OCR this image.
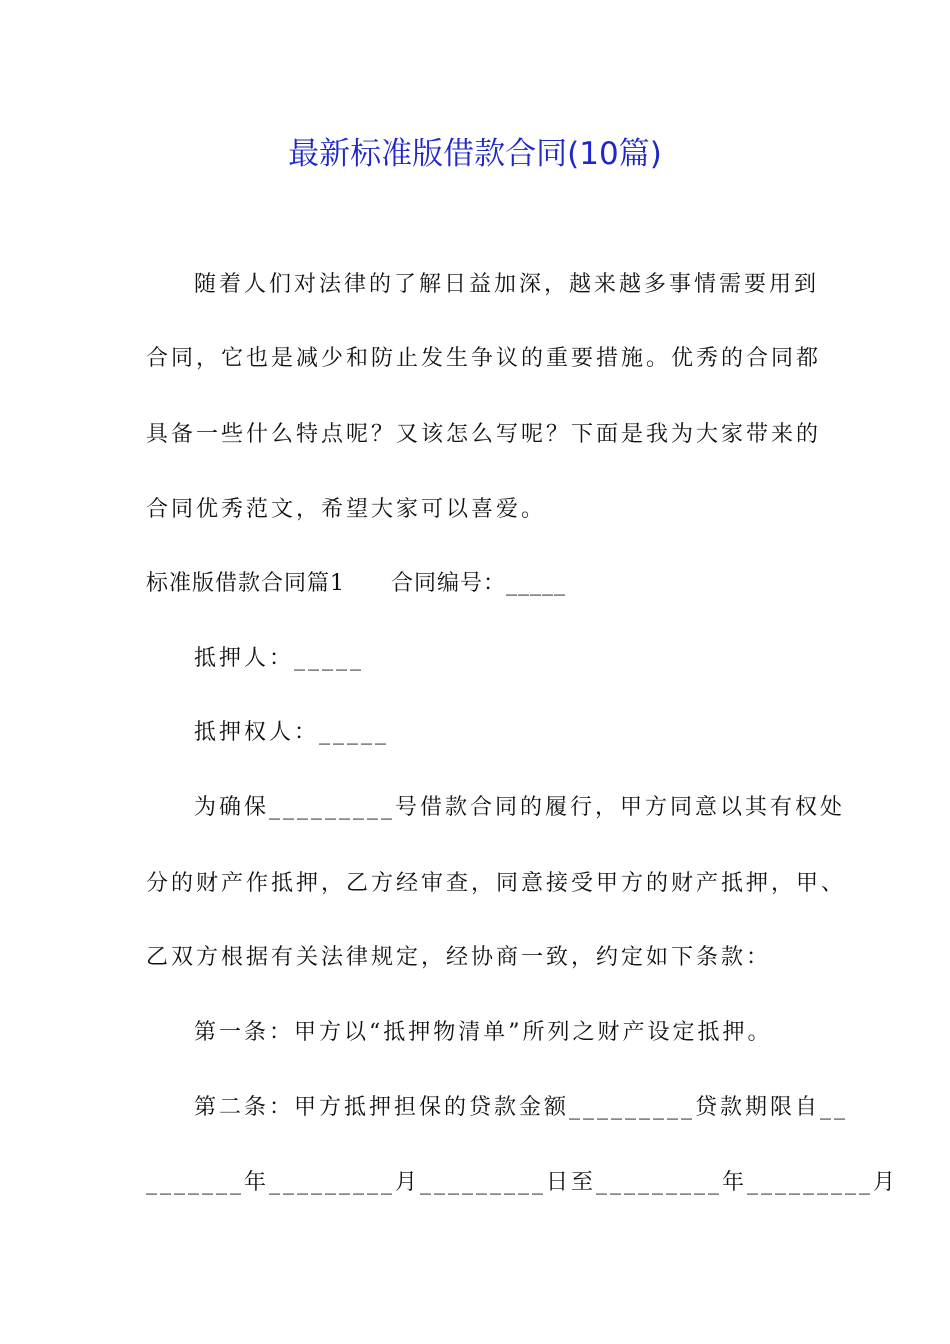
最新标准版借款合同(10篇)
随着人们对法律的了解日益加深，越来越多事情需要用到
合同，它也是减少和防止发生争议的重要措施。优秀的合同都
具备一些什么特点呢？又该怎么写呢？下面是我为大家带来的
合同优秀范文，希望大家可以喜爱。
标准版借款合同篇1　　合同编号：_____
抵押人：_____
抵押权人：_____
为确保_________号借款合同的履行，甲方同意以其有权处
分的财产作抵押，乙方经审查，同意接受甲方的财产抵押，甲、
乙双方根据有关法律规定，经协商一致，约定如下条款：
第一条：甲方以“抵押物清单”所列之财产设定抵押。
第二条：甲方抵押担保的贷款金额_________贷款期限自__
_______年_________月_________日至_________年_________月
